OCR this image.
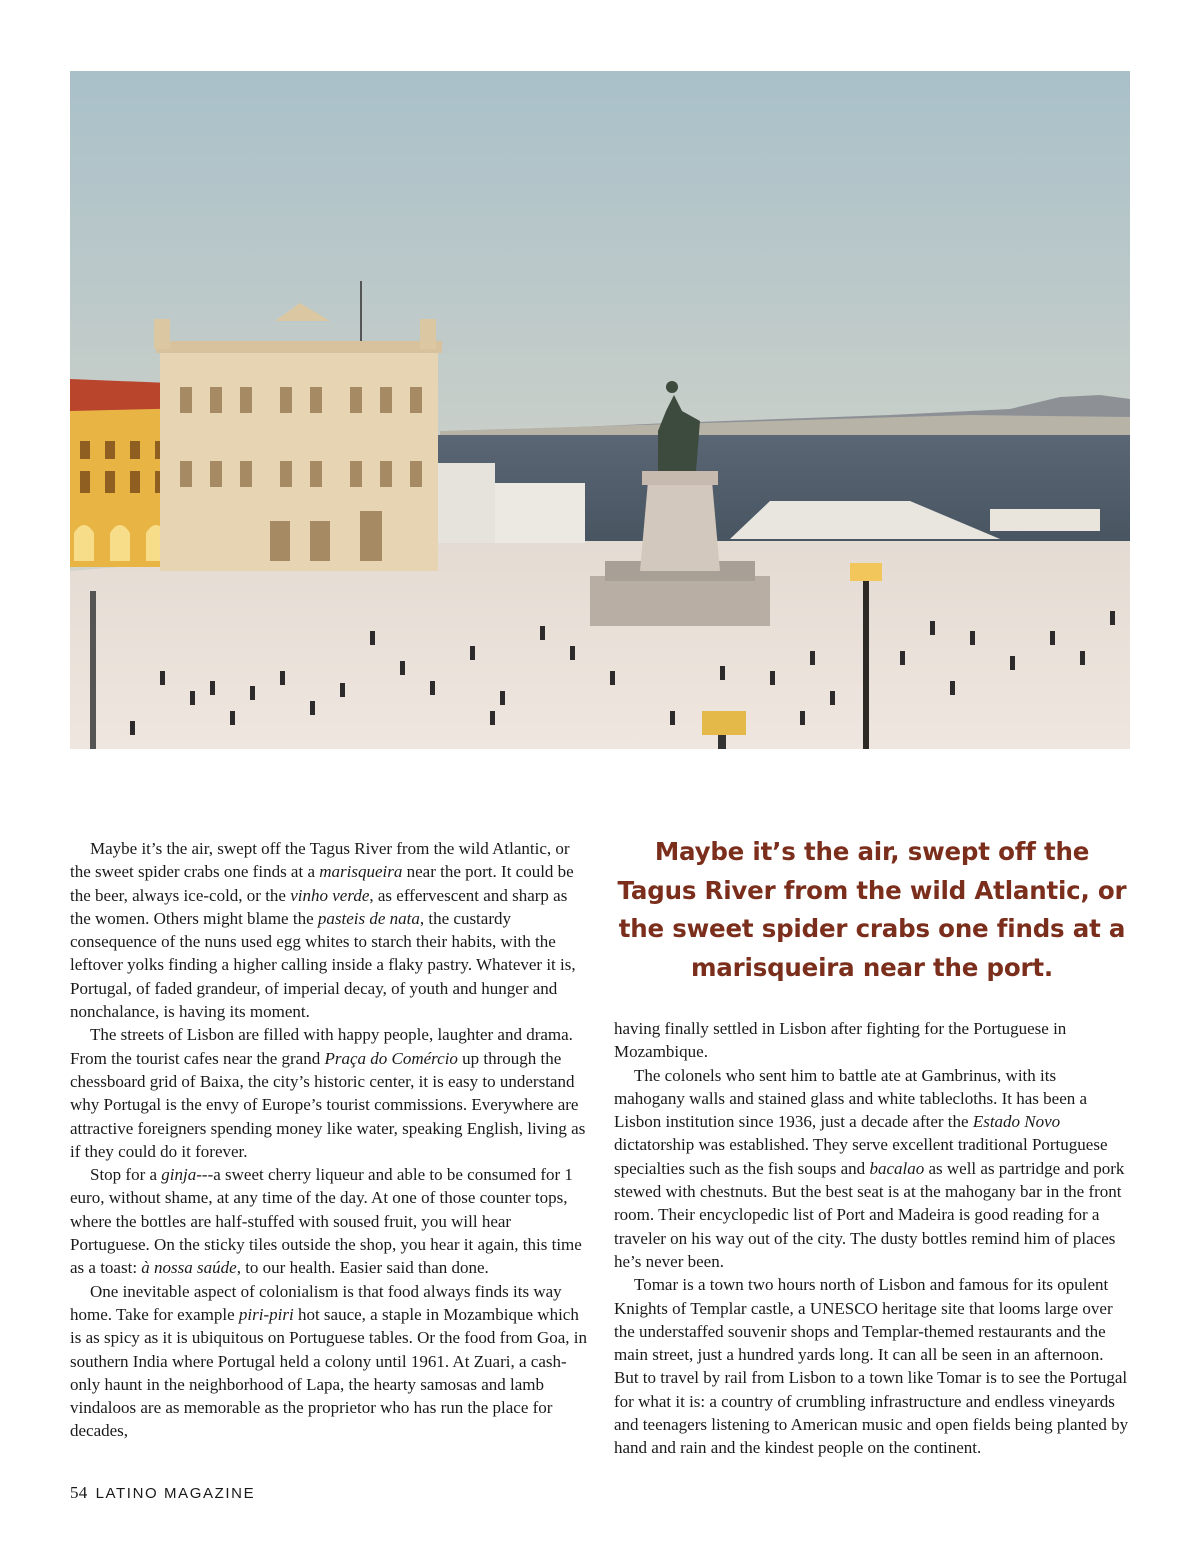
Maybe it’s the air, swept off the Tagus River from the wild Atlantic, or the sweet spider crabs one finds at a marisqueira near the port. It could be the beer, always ice-cold, or the vinho verde, as effervescent and sharp as the women. Others might blame the pasteis de nata, the custardy consequence of the nuns used egg whites to starch their habits, with the leftover yolks finding a higher calling inside a flaky pastry. Whatever it is, Portugal, of faded grandeur, of imperial decay, of youth and hunger and nonchalance, is having its moment.

The streets of Lisbon are filled with happy people, laughter and drama. From the tourist cafes near the grand Praça do Comércio up through the chessboard grid of Baixa, the city’s historic center, it is easy to understand why Portugal is the envy of Europe’s tourist commissions. Everywhere are attractive foreigners spending money like water, speaking English, living as if they could do it forever.

Stop for a ginja---a sweet cherry liqueur and able to be consumed for 1 euro, without shame, at any time of the day. At one of those counter tops, where the bottles are half-stuffed with soused fruit, you will hear Portuguese. On the sticky tiles outside the shop, you hear it again, this time as a toast: à nossa saúde, to our health. Easier said than done.

One inevitable aspect of colonialism is that food always finds its way home. Take for example piri-piri hot sauce, a staple in Mozambique which is as spicy as it is ubiquitous on Portuguese tables. Or the food from Goa, in southern India where Portugal held a colony until 1961. At Zuari, a cash-only haunt in the neighborhood of Lapa, the hearty samosas and lamb vindaloos are as memorable as the proprietor who has run the place for decades,

Maybe it’s the air, swept off the Tagus River from the wild Atlantic, or the sweet spider crabs one finds at a marisqueira near the port.

having finally settled in Lisbon after fighting for the Portuguese in Mozambique.

The colonels who sent him to battle ate at Gambrinus, with its mahogany walls and stained glass and white tablecloths. It has been a Lisbon institution since 1936, just a decade after the Estado Novo dictatorship was established. They serve excellent traditional Portuguese specialties such as the fish soups and bacalao as well as partridge and pork stewed with chestnuts. But the best seat is at the mahogany bar in the front room. Their encyclopedic list of Port and Madeira is good reading for a traveler on his way out of the city. The dusty bottles remind him of places he’s never been.

Tomar is a town two hours north of Lisbon and famous for its opulent Knights of Templar castle, a UNESCO heritage site that looms large over the understaffed souvenir shops and Templar-themed restaurants and the main street, just a hundred yards long. It can all be seen in an afternoon. But to travel by rail from Lisbon to a town like Tomar is to see the Portugal for what it is: a country of crumbling infrastructure and endless vineyards and teenagers listening to American music and open fields being planted by hand and rain and the kindest people on the continent.

54 LATINO MAGAZINE
